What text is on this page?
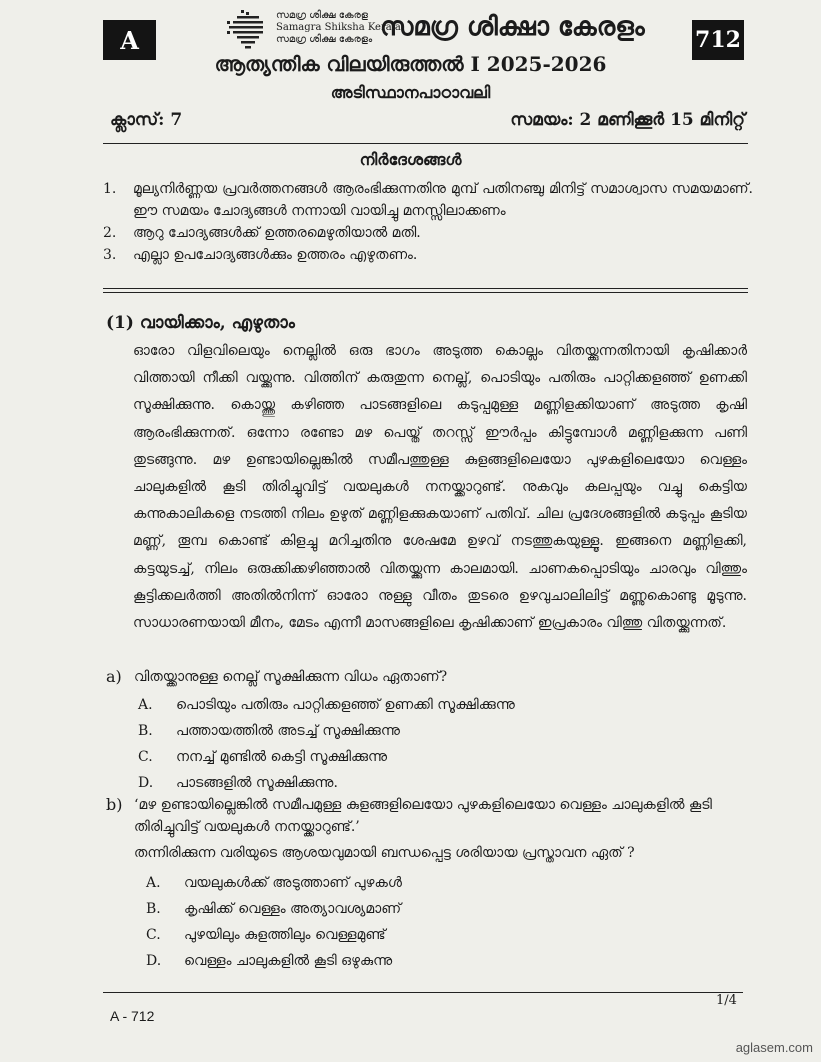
A
സമഗ്ര ശിക്ഷ കേരള
Samagra Shiksha Kerala
സമഗ്ര ശിക്ഷ കേരളം സമഗ്ര ശിക്ഷാ കേരളം 712
ആത്യന്തിക വിലയിരുത്തൽ I 2025-2026
അടിസ്ഥാനപാഠാവലി
ക്ലാസ്: 7	സമയം: 2 മണിക്കൂർ 15 മിനിറ്റ്
നിർദേശങ്ങൾ
1.	മൂല്യനിർണ്ണയ പ്രവർത്തനങ്ങൾ ആരംഭിക്കുന്നതിനു മുമ്പ് പതിനഞ്ചു മിനിട്ട് സമാശ്വാസ സമയമാണ്. ഈ സമയം ചോദ്യങ്ങൾ നന്നായി വായിച്ചു മനസ്സിലാക്കണം
2.	ആറു ചോദ്യങ്ങൾക്ക് ഉത്തരമെഴുതിയാൽ മതി.
3.	എല്ലാ ഉപചോദ്യങ്ങൾക്കും ഉത്തരം എഴുതണം.
(1) വായിക്കാം, എഴുതാം
ഓരോ വിളവിലെയും നെല്ലിൽ ഒരു ഭാഗം അടുത്ത കൊല്ലം വിതയ്ക്കുന്നതിനായി കൃഷിക്കാർ വിത്തായി നീക്കി വയ്ക്കുന്നു. വിത്തിന് കരുതുന്ന നെല്ല്, പൊടിയും പതിരും പാറ്റിക്കളഞ്ഞ് ഉണക്കി സൂക്ഷിക്കുന്നു. കൊയ്ത്തു കഴിഞ്ഞ പാടങ്ങളിലെ കടുപ്പമുള്ള മണ്ണിളക്കിയാണ് അടുത്ത കൃഷി ആരംഭിക്കുന്നത്. ഒന്നോ രണ്ടോ മഴ പെയ്ത് തറസ്സ് ഈർപ്പം കിട്ടുമ്പോൾ മണ്ണിളക്കുന്ന പണി തുടങ്ങുന്നു. മഴ ഉണ്ടായില്ലെങ്കിൽ സമീപത്തുള്ള കുളങ്ങളിലെയോ പുഴകളിലെയോ വെള്ളം ചാലുകളിൽ കൂടി തിരിച്ചുവിട്ട് വയലുകൾ നനയ്ക്കാറുണ്ട്. നുകവും കലപ്പയും വച്ചു കെട്ടിയ കന്നുകാലികളെ നടത്തി നിലം ഉഴുത് മണ്ണിളക്കുകയാണ് പതിവ്. ചില പ്രദേശങ്ങളിൽ കടുപ്പം കൂടിയ മണ്ണ്, തൂമ്പ കൊണ്ട് കിളച്ചു മറിച്ചതിനു ശേഷമേ ഉഴവ് നടത്തുകയുള്ളൂ. ഇങ്ങനെ മണ്ണിളക്കി, കട്ടയുടച്ച്, നിലം ഒരുക്കിക്കഴിഞ്ഞാൽ വിതയ്ക്കുന്ന കാലമായി. ചാണകപ്പൊടിയും ചാരവും വിത്തും കൂട്ടിക്കലർത്തി അതിൽനിന്ന് ഓരോ നുള്ളു വീതം തുടരെ ഉഴവുചാലിലിട്ട് മണ്ണുകൊണ്ടു മൂടുന്നു. സാധാരണയായി മീനം, മേടം എന്നീ മാസങ്ങളിലെ കൃഷിക്കാണ് ഇപ്രകാരം വിത്തു വിതയ്ക്കുന്നത്.
a) വിതയ്ക്കാനുള്ള നെല്ല് സൂക്ഷിക്കുന്ന വിധം ഏതാണ്?
A.	പൊടിയും പതിരും പാറ്റിക്കളഞ്ഞ് ഉണക്കി സൂക്ഷിക്കുന്നു
B.	പത്തായത്തിൽ അടച്ച് സൂക്ഷിക്കുന്നു
C.	നനച്ച് മുണ്ടിൽ കെട്ടി സൂക്ഷിക്കുന്നു
D.	പാടങ്ങളിൽ സൂക്ഷിക്കുന്നു.
b) ‘മഴ ഉണ്ടായില്ലെങ്കിൽ സമീപമുള്ള കുളങ്ങളിലെയോ പുഴകളിലെയോ വെള്ളം ചാലുകളിൽ കൂടി തിരിച്ചുവിട്ട് വയലുകൾ നനയ്ക്കാറുണ്ട്.’
തന്നിരിക്കുന്ന വരിയുടെ ആശയവുമായി ബന്ധപ്പെട്ട ശരിയായ പ്രസ്താവന ഏത് ?
A.	വയലുകൾക്ക് അടുത്താണ് പുഴകൾ
B.	കൃഷിക്ക് വെള്ളം അത്യാവശ്യമാണ്
C.	പുഴയിലും കുളത്തിലും വെള്ളമുണ്ട്
D.	വെള്ളം ചാലുകളിൽ കൂടി ഒഴുകുന്നു
1/4
A - 712
aglasem.com
